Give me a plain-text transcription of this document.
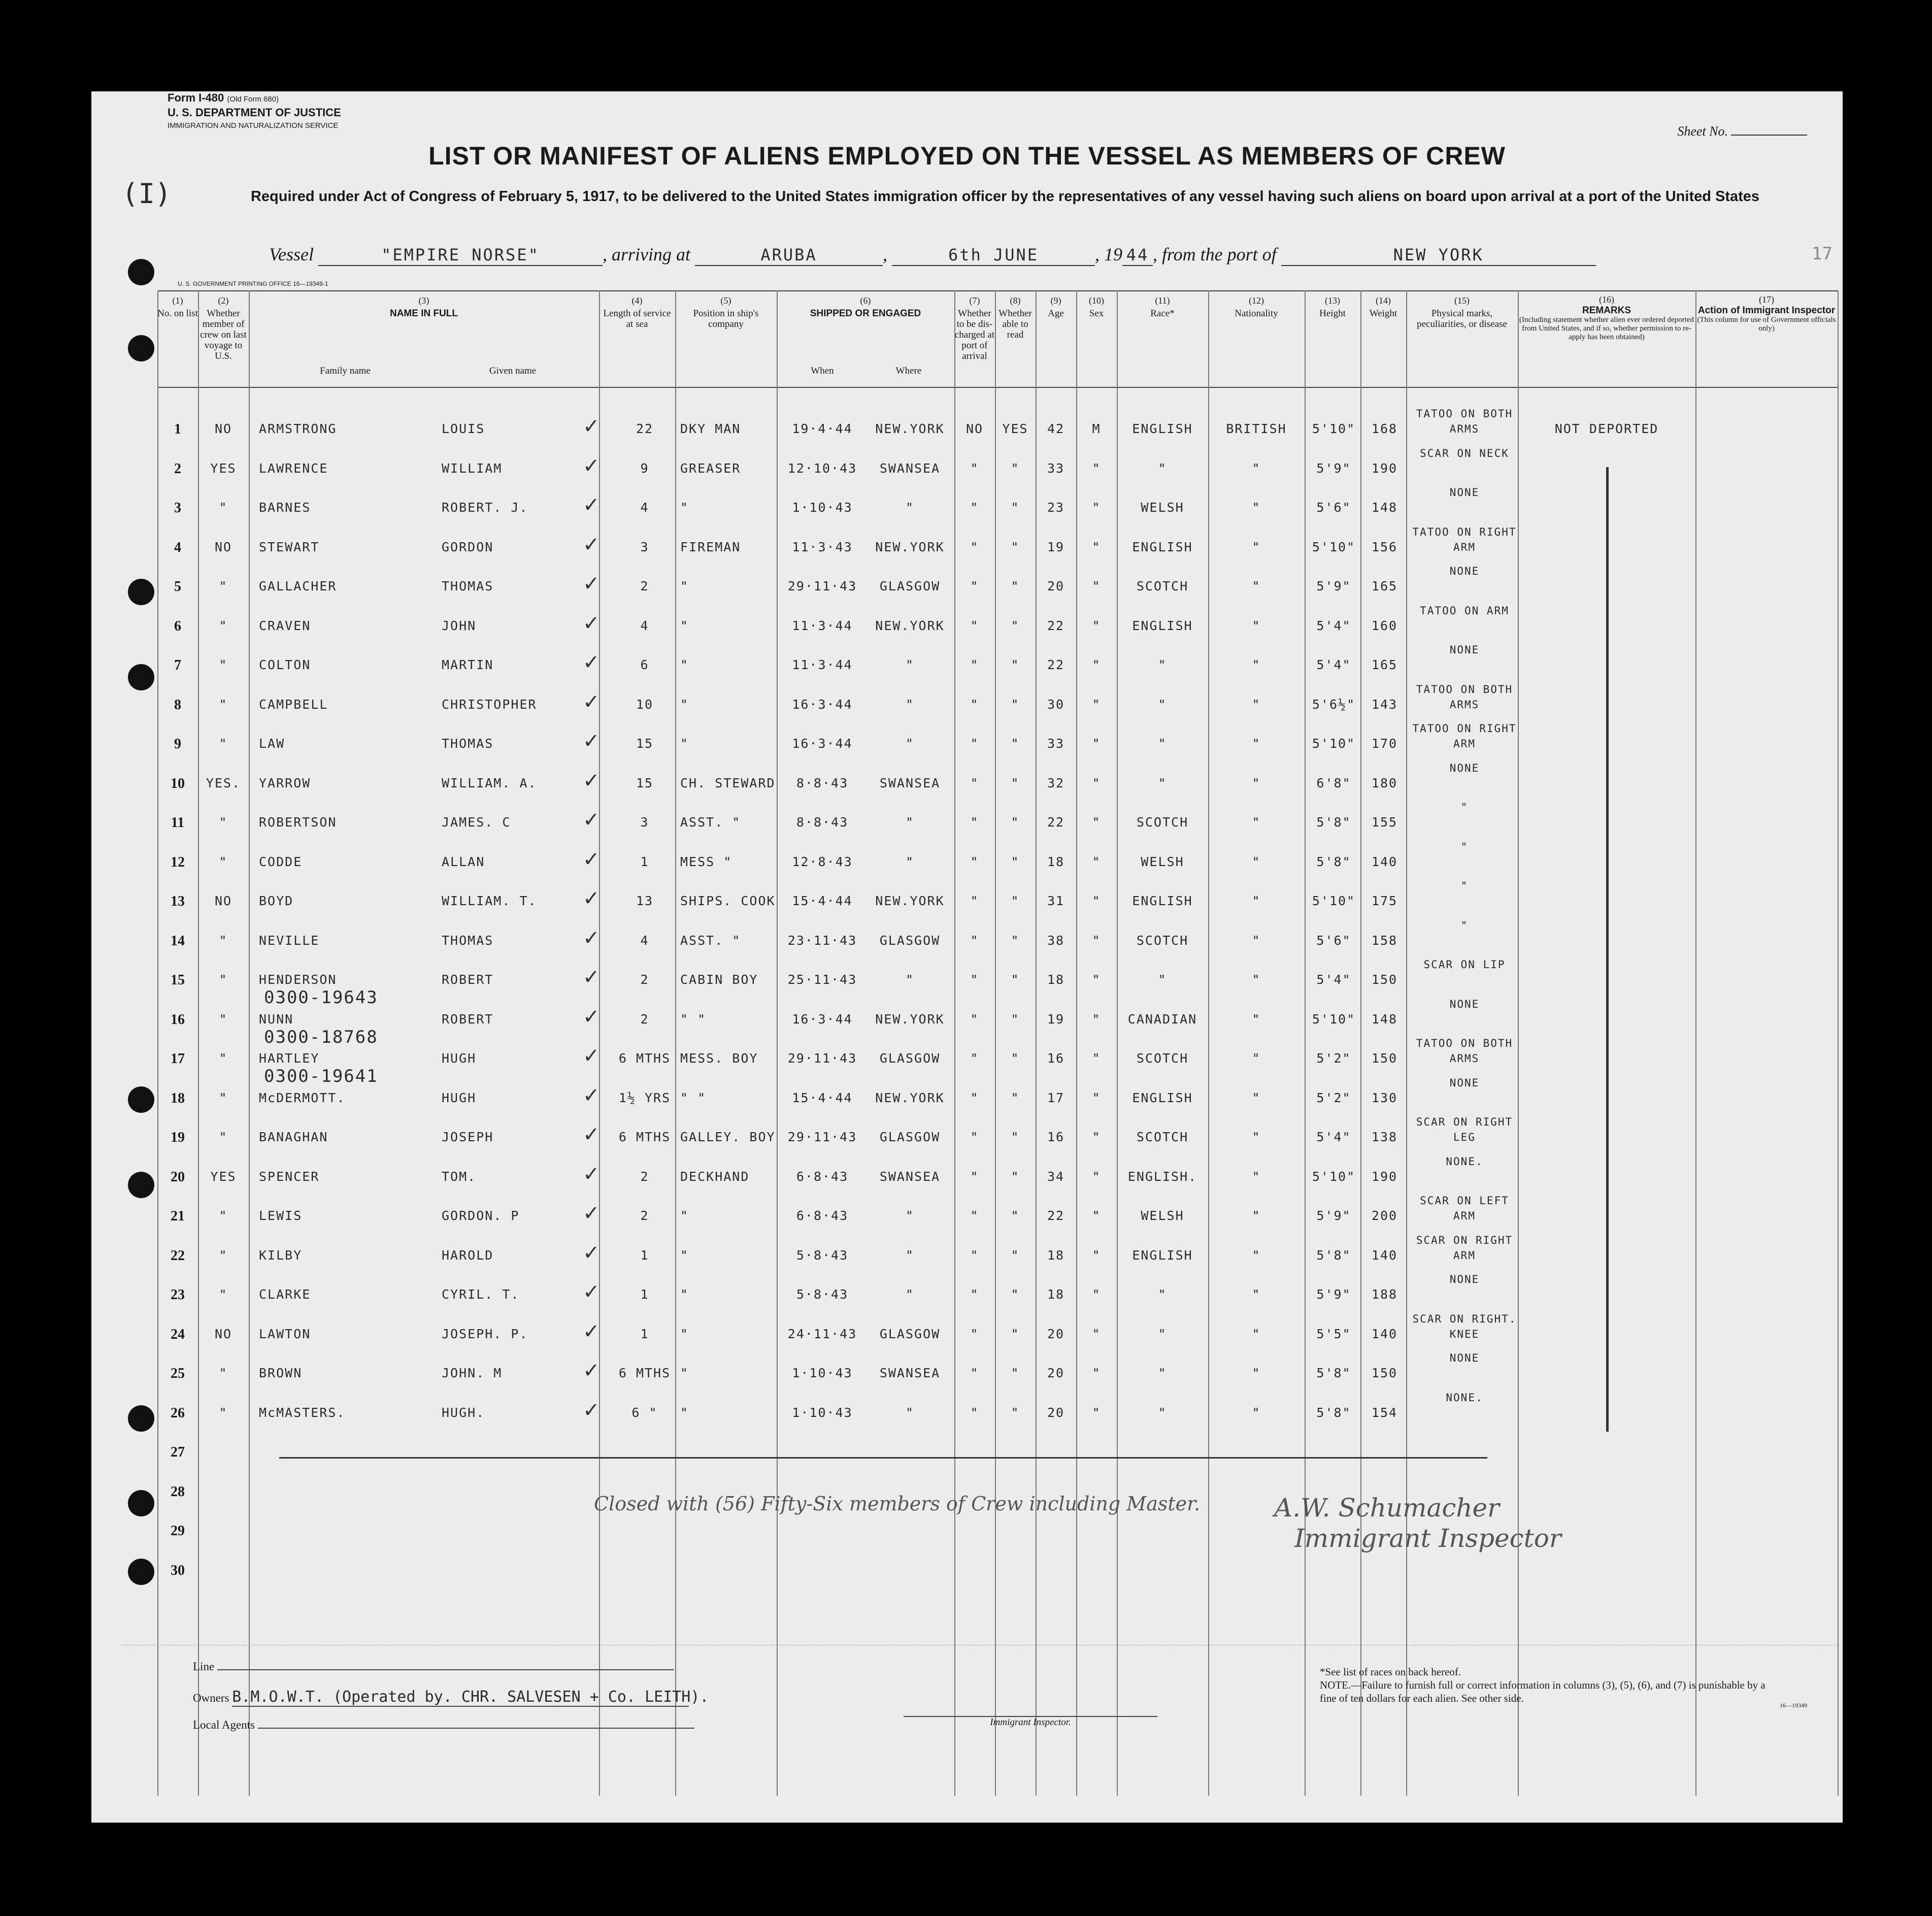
Form I-480 (Old Form 680)
U. S. DEPARTMENT OF JUSTICE
IMMIGRATION AND NATURALIZATION SERVICE	Sheet No.
(I)
LIST OR MANIFEST OF ALIENS EMPLOYED ON THE VESSEL AS MEMBERS OF CREW
Required under Act of Congress of February 5, 1917, to be delivered to the United States immigration officer by the representatives of any vessel having such aliens on board upon arrival at a port of the United States
Vessel	"EMPIRE NORSE"	, arriving at	ARUBA	,	6th JUNE	, 19 44 , from the port of	NEW YORK	17
U. S. GOVERNMENT PRINTING OFFICE 16—19349-1
(1)
No. on list
(2)
Whether member of crew on last voyage to U.S.
(3)
NAME IN FULL
Family name	Given name
(4)
Length of service at sea
(5)
Position in ship's company
(6)
SHIPPED OR ENGAGED
When	Where
(7)
Whether to be dis-charged at port of arrival
(8)
Whether able to read
(9)
Age
(10)
Sex
(11)
Race*
(12)
Nationality
(13)
Height
(14)
Weight
(15)
Physical marks, peculiarities, or disease
(16)
REMARKS
(Including statement whether alien ever ordered deported from United States, and if so, whether permission to re-apply has been obtained)
(17)
Action of Immigrant Inspector
(This column for use of Government officials only)
1	✓
NO	ARMSTRONG	LOUIS	22	DKY MAN	19·4·44	NEW.YORK	NO	YES	42	M	ENGLISH	BRITISH	5'10"	168
TATOO ON BOTH ARMS	NOT DEPORTED
2	✓
YES	LAWRENCE	WILLIAM	9	GREASER	12·10·43	SWANSEA	"	"	33	"	"	"	5'9"	190
SCAR ON NECK
3	✓
"	BARNES	ROBERT. J.	4	"	1·10·43	"	"	"	23	"	WELSH	"	5'6"	148
NONE
4	✓
NO	STEWART	GORDON	3	FIREMAN	11·3·43	NEW.YORK	"	"	19	"	ENGLISH	"	5'10"	156
TATOO ON RIGHT ARM
5	✓
"	GALLACHER	THOMAS	2	"	29·11·43	GLASGOW	"	"	20	"	SCOTCH	"	5'9"	165
NONE
6	✓
"	CRAVEN	JOHN	4	"	11·3·44	NEW.YORK	"	"	22	"	ENGLISH	"	5'4"	160
TATOO ON ARM
7	✓
"	COLTON	MARTIN	6	"	11·3·44	"	"	"	22	"	"	"	5'4"	165
NONE
8	✓
"	CAMPBELL	CHRISTOPHER	10	"	16·3·44	"	"	"	30	"	"	"	5'6½"	143
TATOO ON BOTH ARMS
9	✓
"	LAW	THOMAS	15	"	16·3·44	"	"	"	33	"	"	"	5'10"	170
TATOO ON RIGHT ARM
10	✓
YES.	YARROW	WILLIAM. A.	15	CH. STEWARD	8·8·43	SWANSEA	"	"	32	"	"	"	6'8"	180
NONE
11	✓
"	ROBERTSON	JAMES. C	3	ASST. "	8·8·43	"	"	"	22	"	SCOTCH	"	5'8"	155
"
12	✓
"	CODDE	ALLAN	1	MESS "	12·8·43	"	"	"	18	"	WELSH	"	5'8"	140
"
13	✓
NO	BOYD	WILLIAM. T.	13	SHIPS. COOK	15·4·44	NEW.YORK	"	"	31	"	ENGLISH	"	5'10"	175
"
14	✓
"	NEVILLE	THOMAS	4	ASST. "	23·11·43	GLASGOW	"	"	38	"	SCOTCH	"	5'6"	158
"
15	✓
"	HENDERSON	ROBERT	2	CABIN BOY	25·11·43	"	"	"	18	"	"	"	5'4"	150
SCAR ON LIP
0300-19643
16	✓
"	NUNN	ROBERT	2	" "	16·3·44	NEW.YORK	"	"	19	"	CANADIAN	"	5'10"	148
NONE
0300-18768
17	✓
"	HARTLEY	HUGH	6 MTHS MESS. BOY	29·11·43	GLASGOW	"	"	16	"	SCOTCH	"	5'2"	150
TATOO ON BOTH ARMS
0300-19641
18	✓
"	McDERMOTT.	HUGH	1½ YRS " "	15·4·44	NEW.YORK	"	"	17	"	ENGLISH	"	5'2"	130
NONE
19	✓
"	BANAGHAN	JOSEPH	6 MTHS GALLEY. BOY 29·11·43	GLASGOW	"	"	16	"	SCOTCH	"	5'4"	138
SCAR ON RIGHT LEG
20	✓
YES	SPENCER	TOM.	2	DECKHAND	6·8·43	SWANSEA	"	"	34	"	ENGLISH.	"	5'10"	190
NONE.
21	✓
"	LEWIS	GORDON. P	2	"	6·8·43	"	"	"	22	"	WELSH	"	5'9"	200
SCAR ON LEFT ARM
22	✓
"	KILBY	HAROLD	1	"	5·8·43	"	"	"	18	"	ENGLISH	"	5'8"	140
SCAR ON RIGHT ARM
23	✓
"	CLARKE	CYRIL. T.	1	"	5·8·43	"	"	"	18	"	"	"	5'9"	188
NONE
24	✓
NO	LAWTON	JOSEPH. P.	1	"	24·11·43	GLASGOW	"	"	20	"	"	"	5'5"	140
SCAR ON RIGHT. KNEE
25	✓
"	BROWN	JOHN. M	6 MTHS "	1·10·43	SWANSEA	"	"	20	"	"	"	5'8"	150
NONE
26	✓
"	McMASTERS.	HUGH.	6 "	"	1·10·43	"	"	"	20	"	"	"	5'8"	154
NONE.
27
28
29
30
Closed with (56) Fifty-Six members of Crew including Master.	A.W. Schumacher
Immigrant Inspector
Line
Owners B.M.O.W.T. (Operated by. CHR. SALVESEN + Co. LEITH).
Local Agents	Immigrant Inspector.
*See list of races on back hereof.
NOTE.—Failure to furnish full or correct information in columns (3), (5), (6), and (7) is punishable by a fine of ten dollars for each alien. See other side.
16—19349
